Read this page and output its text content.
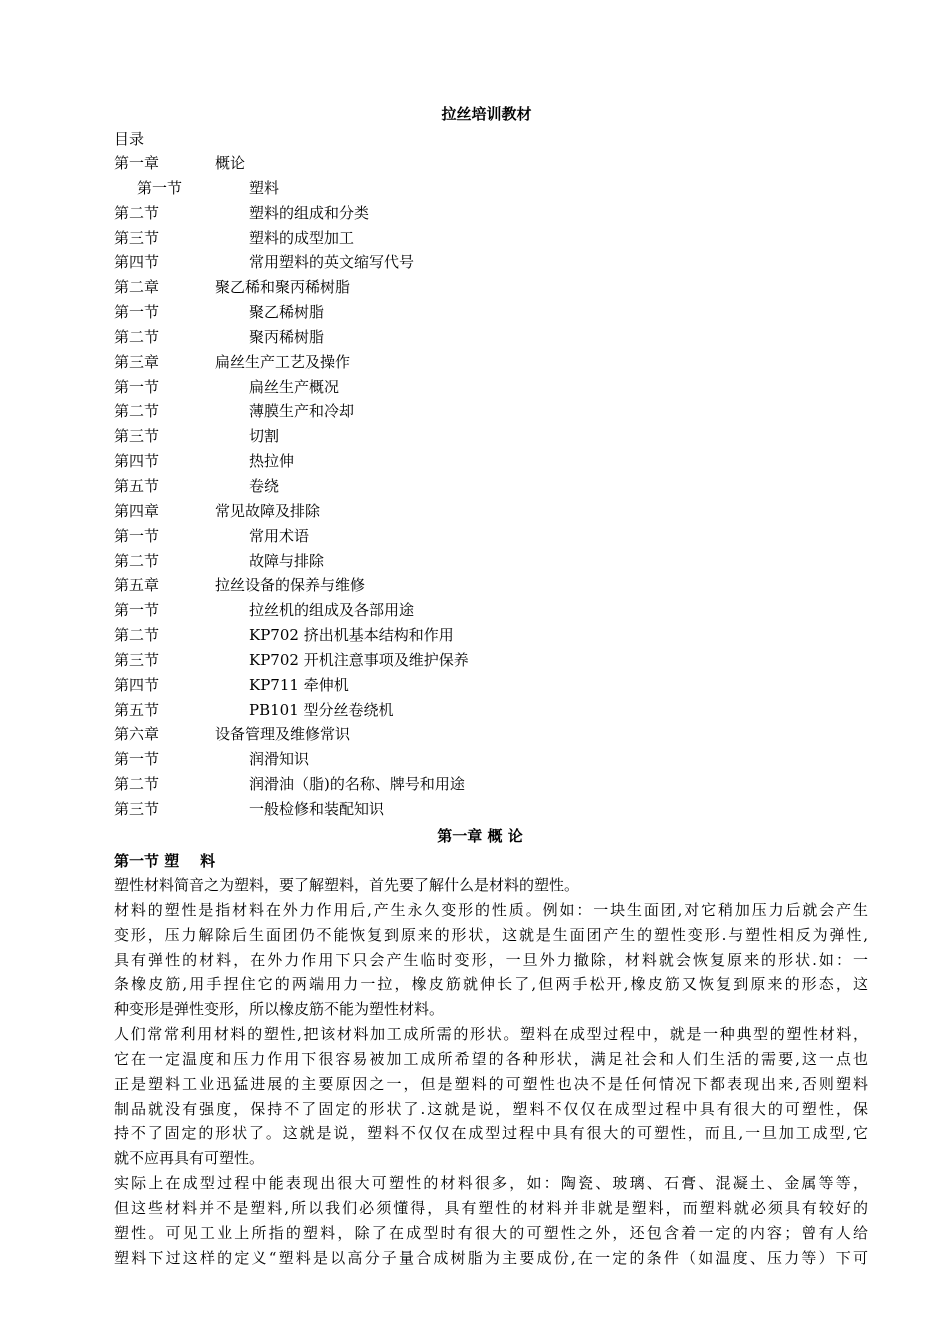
拉丝培训教材
目录
第一章	概论
第一节	塑料
第二节	塑料的组成和分类
第三节	塑料的成型加工
第四节	常用塑料的英文缩写代号
第二章	聚乙稀和聚丙稀树脂
第一节	聚乙稀树脂
第二节	聚丙稀树脂
第三章	扁丝生产工艺及操作
第一节	扁丝生产概况
第二节	薄膜生产和冷却
第三节	切割
第四节	热拉伸
第五节	卷绕
第四章	常见故障及排除
第一节	常用术语
第二节	故障与排除
第五章	拉丝设备的保养与维修
第一节	拉丝机的组成及各部用途
第二节	KP702 挤出机基本结构和作用
第三节	KP702 开机注意事项及维护保养
第四节	KP711 牵伸机
第五节	PB101 型分丝卷绕机
第六章	设备管理及维修常识
第一节	润滑知识
第二节	润滑油（脂)的名称、牌号和用途
第三节	一般检修和装配知识
第一章 概 论
第一节 塑    料
塑性材料简音之为塑料，要了解塑料，首先要了解什么是材料的塑性。
材料的塑性是指材料在外力作用后,产生永久变形的性质。例如：一块生面团,对它稍加压力后就会产生
变形，压力解除后生面团仍不能恢复到原来的形状，这就是生面团产生的塑性变形.与塑性相反为弹性,
具有弹性的材料，在外力作用下只会产生临时变形，一旦外力撤除，材料就会恢复原来的形状.如：一
条橡皮筋,用手捏住它的两端用力一拉，橡皮筋就伸长了,但两手松开,橡皮筋又恢复到原来的形态，这
种变形是弹性变形，所以橡皮筋不能为塑性材料。
人们常常利用材料的塑性,把该材料加工成所需的形状。塑料在成型过程中，就是一种典型的塑性材料，
它在一定温度和压力作用下很容易被加工成所希望的各种形状，满足社会和人们生活的需要,这一点也
正是塑料工业迅猛进展的主要原因之一，但是塑料的可塑性也决不是任何情况下都表现出来,否则塑料
制品就没有强度，保持不了固定的形状了.这就是说，塑料不仅仅在成型过程中具有很大的可塑性，保
持不了固定的形状了。这就是说，塑料不仅仅在成型过程中具有很大的可塑性，而且,一旦加工成型,它
就不应再具有可塑性。
实际上在成型过程中能表现出很大可塑性的材料很多，如：陶瓷、玻璃、石膏、混凝土、金属等等，
但这些材料并不是塑料,所以我们必须懂得，具有塑性的材料并非就是塑料，而塑料就必须具有较好的
塑性。可见工业上所指的塑料，除了在成型时有很大的可塑性之外，还包含着一定的内容；曾有人给
塑料下过这样的定义“塑料是以高分子量合成树脂为主要成份,在一定的条件（如温度、压力等）下可
